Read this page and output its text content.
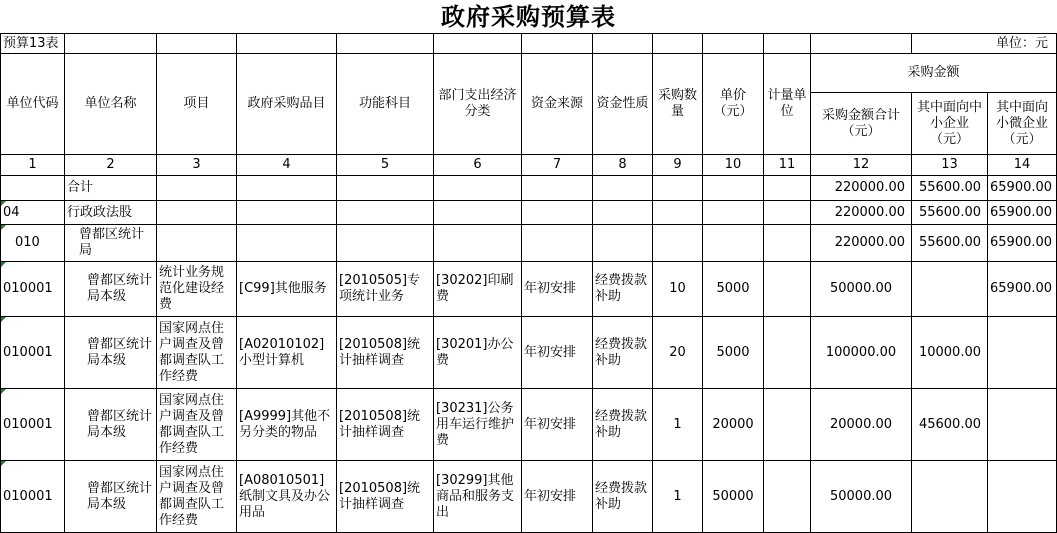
政府采购预算表
预算13表												单位：元	
单位代码	单位名称	项目	政府采购品目	功能科目	部门支出经济分类	资金来源	资金性质	采购数量	单价（元）	计量单位	采购金额		
											采购金额合计（元）	其中面向中小企业（元）	其中面向小微企业（元）
1	2	3	4	5	6	7	8	9	10	11	12	13	14
	合计										220000.00	55600.00	65900.00
04	行政政法股										220000.00	55600.00	65900.00
010	曾都区统计局										220000.00	55600.00	65900.00
010001	曾都区统计局本级	统计业务规范化建设经费	[C99]其他服务	[2010505]专项统计业务	[30202]印刷费	年初安排	经费拨款补助	10	5000		50000.00		65900.00
010001	曾都区统计局本级	国家网点住户调查及曾都调查队工作经费	[A02010102]小型计算机	[2010508]统计抽样调查	[30201]办公费	年初安排	经费拨款补助	20	5000		100000.00	10000.00	
010001	曾都区统计局本级	国家网点住户调查及曾都调查队工作经费	[A9999]其他不另分类的物品	[2010508]统计抽样调查	[30231]公务用车运行维护费	年初安排	经费拨款补助	1	20000		20000.00	45600.00	
010001	曾都区统计局本级	国家网点住户调查及曾都调查队工作经费	[A08010501]纸制文具及办公用品	[2010508]统计抽样调查	[30299]其他商品和服务支出	年初安排	经费拨款补助	1	50000		50000.00		
